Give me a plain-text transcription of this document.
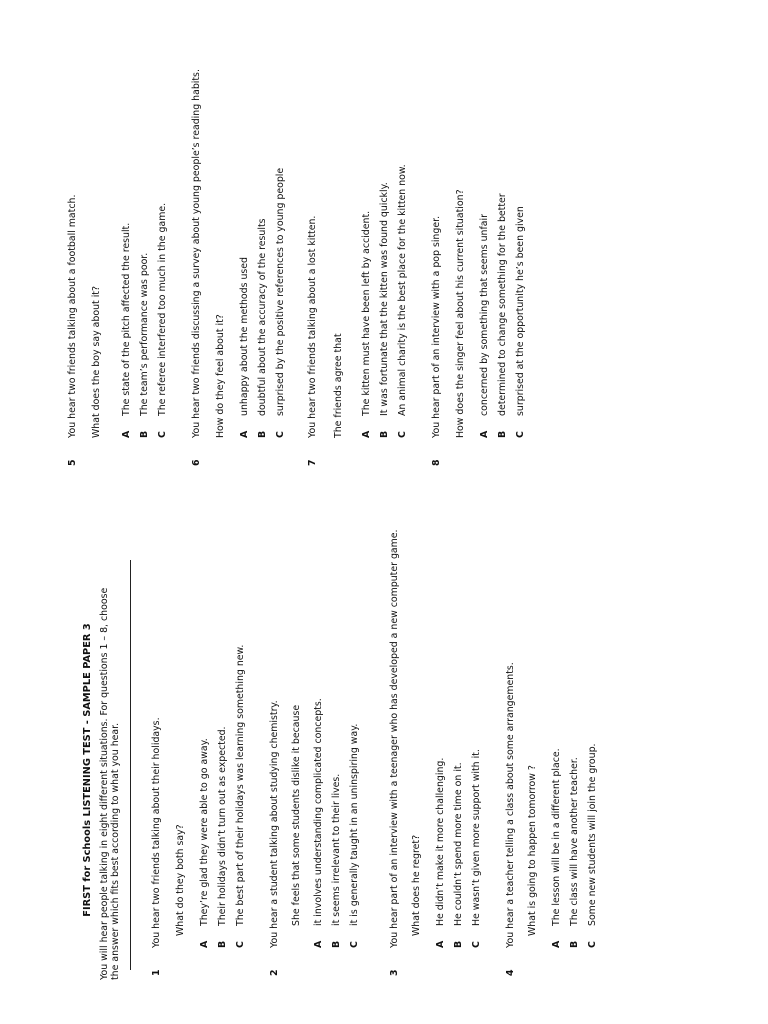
FIRST for Schools LISTENING TEST - SAMPLE PAPER 3 You will hear people talking in eight different situations. For questions 1 – 8, choose the answer which fits best according to what you hear.	1
You hear two friends talking about their holidays. What do they both say?
A
They’re glad they were able to go away.
B
Their holidays didn’t turn out as expected.
C
The best part of their holidays was learning something new.
2
You hear a student talking about studying chemistry. She feels that some students dislike it because
A
it involves understanding complicated concepts.
B
it seems irrelevant to their lives.
C
it is generally taught in an uninspiring way.
3
You hear part of an interview with a teenager who has developed a new computer game. What does he regret?
A
He didn’t make it more challenging.
B
He couldn’t spend more time on it.
C
He wasn’t given more support with it.
4
You hear a teacher telling a class about some arrangements. What is going to happen tomorrow ?
A
The lesson will be in a different place.
B
The class will have another teacher.
C
Some new students will join the group.
5
You hear two friends talking about a football match. What does the boy say about it? A
The state of the pitch affected the result.
B
The team’s performance was poor.
C
The referee interfered too much in the game.
6
You hear two friends discussing a survey about young people’s reading habits. How do they feel about it? A
unhappy about the methods used
B
doubtful about the accuracy of the results
C
surprised by the positive references to young people
7
You hear two friends talking about a lost kitten. The friends agree that A
The kitten must have been left by accident.
B
It was fortunate that the kitten was found quickly.
C
An animal charity is the best place for the kitten now.
8
You hear part of an interview with a pop singer. How does the singer feel about his current situation? A
concerned by something that seems unfair
B
determined to change something for the better
C
surprised at the opportunity he’s been given
